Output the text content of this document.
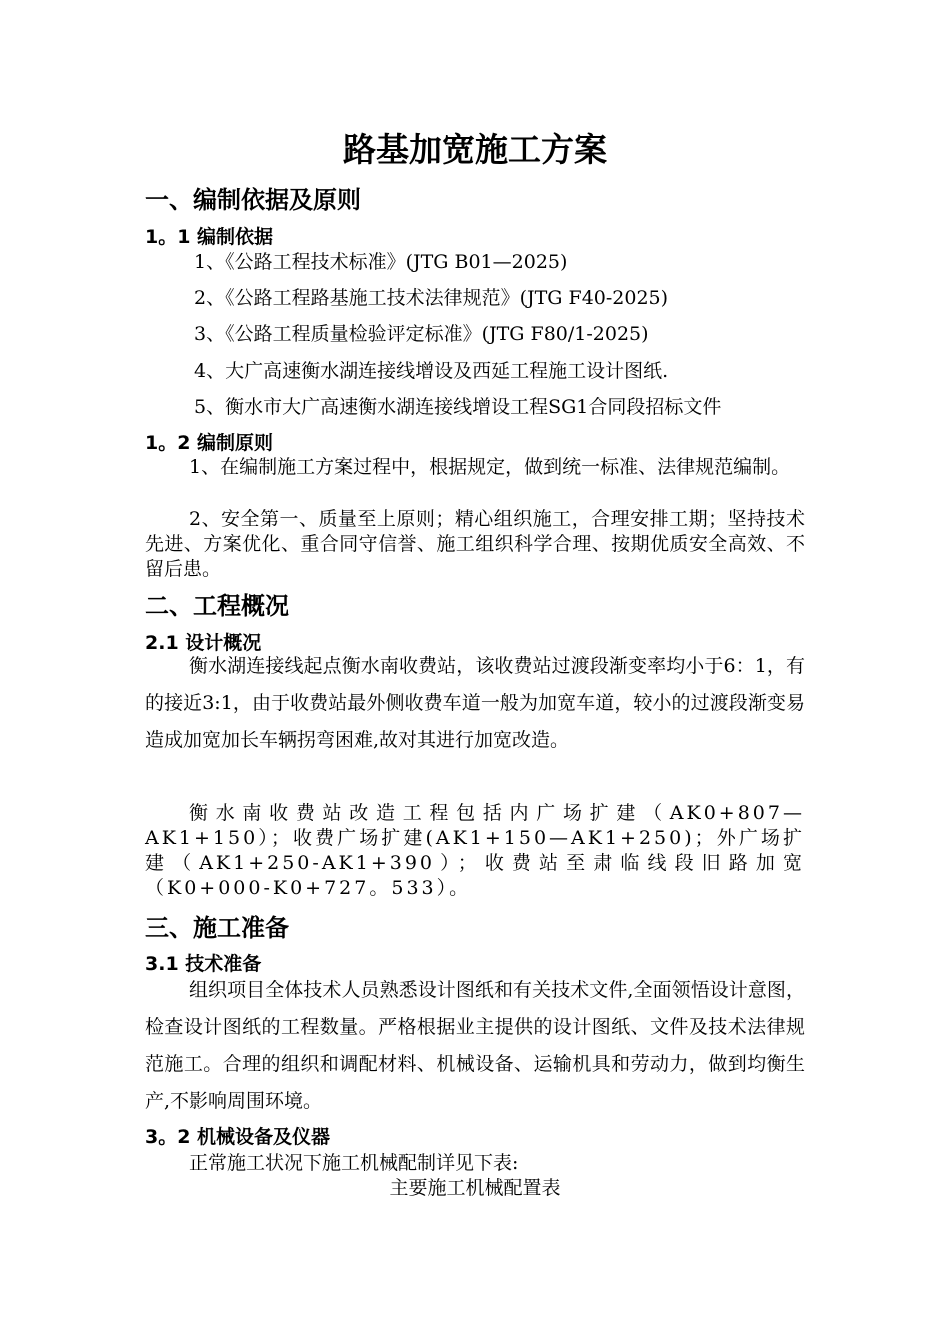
路基加宽施工方案
一、编制依据及原则
1。1 编制依据
1、《公路工程技术标准》(JTG B01—2025)
2、《公路工程路基施工技术法律规范》(JTG F40-2025)
3、《公路工程质量检验评定标准》(JTG F80/1-2025)
4、大广高速衡水湖连接线增设及西延工程施工设计图纸.
5、衡水市大广高速衡水湖连接线增设工程SG1合同段招标文件
1。2 编制原则
1、在编制施工方案过程中，根据规定，做到统一标准、法律规范编制。
2、安全第一、质量至上原则；精心组织施工，合理安排工期；坚持技术先进、方案优化、重合同守信誉、施工组织科学合理、按期优质安全高效、不留后患。
二、工程概况
2.1 设计概况
衡水湖连接线起点衡水南收费站，该收费站过渡段渐变率均小于6：1，有的接近3:1，由于收费站最外侧收费车道一般为加宽车道，较小的过渡段渐变易造成加宽加长车辆拐弯困难,故对其进行加宽改造。
衡水南收费站改造工程包括内广场扩建（AK0+807—AK1+150）；收费广场扩建(AK1+150—AK1+250)；外广场扩建（AK1+250-AK1+390）；收费站至肃临线段旧路加宽（K0+000-K0+727。533）。
三、施工准备
3.1 技术准备
组织项目全体技术人员熟悉设计图纸和有关技术文件,全面领悟设计意图，检查设计图纸的工程数量。严格根据业主提供的设计图纸、文件及技术法律规范施工。合理的组织和调配材料、机械设备、运输机具和劳动力，做到均衡生产,不影响周围环境。
3。2 机械设备及仪器
正常施工状况下施工机械配制详见下表:
主要施工机械配置表
